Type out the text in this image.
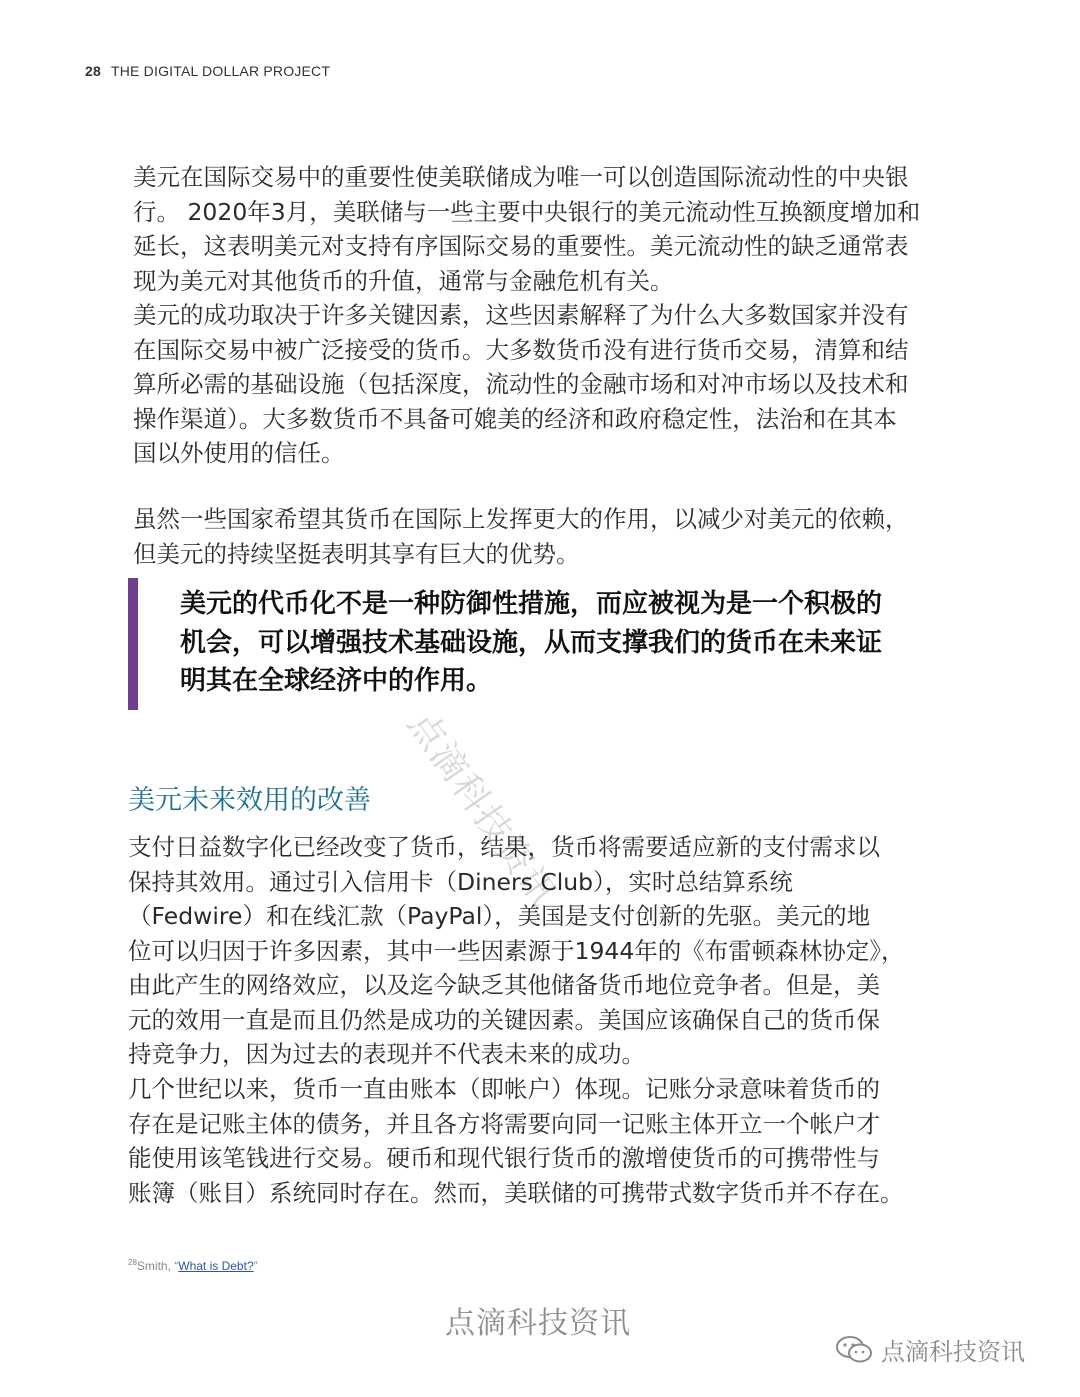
28 THE DIGITAL DOLLAR PROJECT
美元在国际交易中的重要性使美联储成为唯一可以创造国际流动性的中央银
行。 2020年3月，美联储与一些主要中央银行的美元流动性互换额度增加和
延长，这表明美元对支持有序国际交易的重要性。美元流动性的缺乏通常表
现为美元对其他货币的升值，通常与金融危机有关。
美元的成功取决于许多关键因素，这些因素解释了为什么大多数国家并没有
在国际交易中被广泛接受的货币。大多数货币没有进行货币交易，清算和结
算所必需的基础设施（包括深度，流动性的金融市场和对冲市场以及技术和
操作渠道）。大多数货币不具备可媲美的经济和政府稳定性，法治和在其本
国以外使用的信任。
虽然一些国家希望其货币在国际上发挥更大的作用，以减少对美元的依赖，
但美元的持续坚挺表明其享有巨大的优势。
美元的代币化不是一种防御性措施，而应被视为是一个积极的
机会，可以增强技术基础设施，从而支撑我们的货币在未来证
明其在全球经济中的作用。
点滴科技资讯
美元未来效用的改善
支付日益数字化已经改变了货币，结果，货币将需要适应新的支付需求以
保持其效用。通过引入信用卡（Diners Club），实时总结算系统
（Fedwire）和在线汇款（PayPal），美国是支付创新的先驱。美元的地
位可以归因于许多因素，其中一些因素源于1944年的《布雷顿森林协定》，
由此产生的网络效应，以及迄今缺乏其他储备货币地位竞争者。但是，美
元的效用一直是而且仍然是成功的关键因素。美国应该确保自己的货币保
持竞争力，因为过去的表现并不代表未来的成功。
几个世纪以来，货币一直由账本（即帐户）体现。记账分录意味着货币的
存在是记账主体的债务，并且各方将需要向同一记账主体开立一个帐户才
能使用该笔钱进行交易。硬币和现代银行货币的激增使货币的可携带性与
账簿（账目）系统同时存在。然而，美联储的可携带式数字货币并不存在。
$^{28}$Smith, “What is Debt?”
点滴科技资讯
点滴科技资讯
